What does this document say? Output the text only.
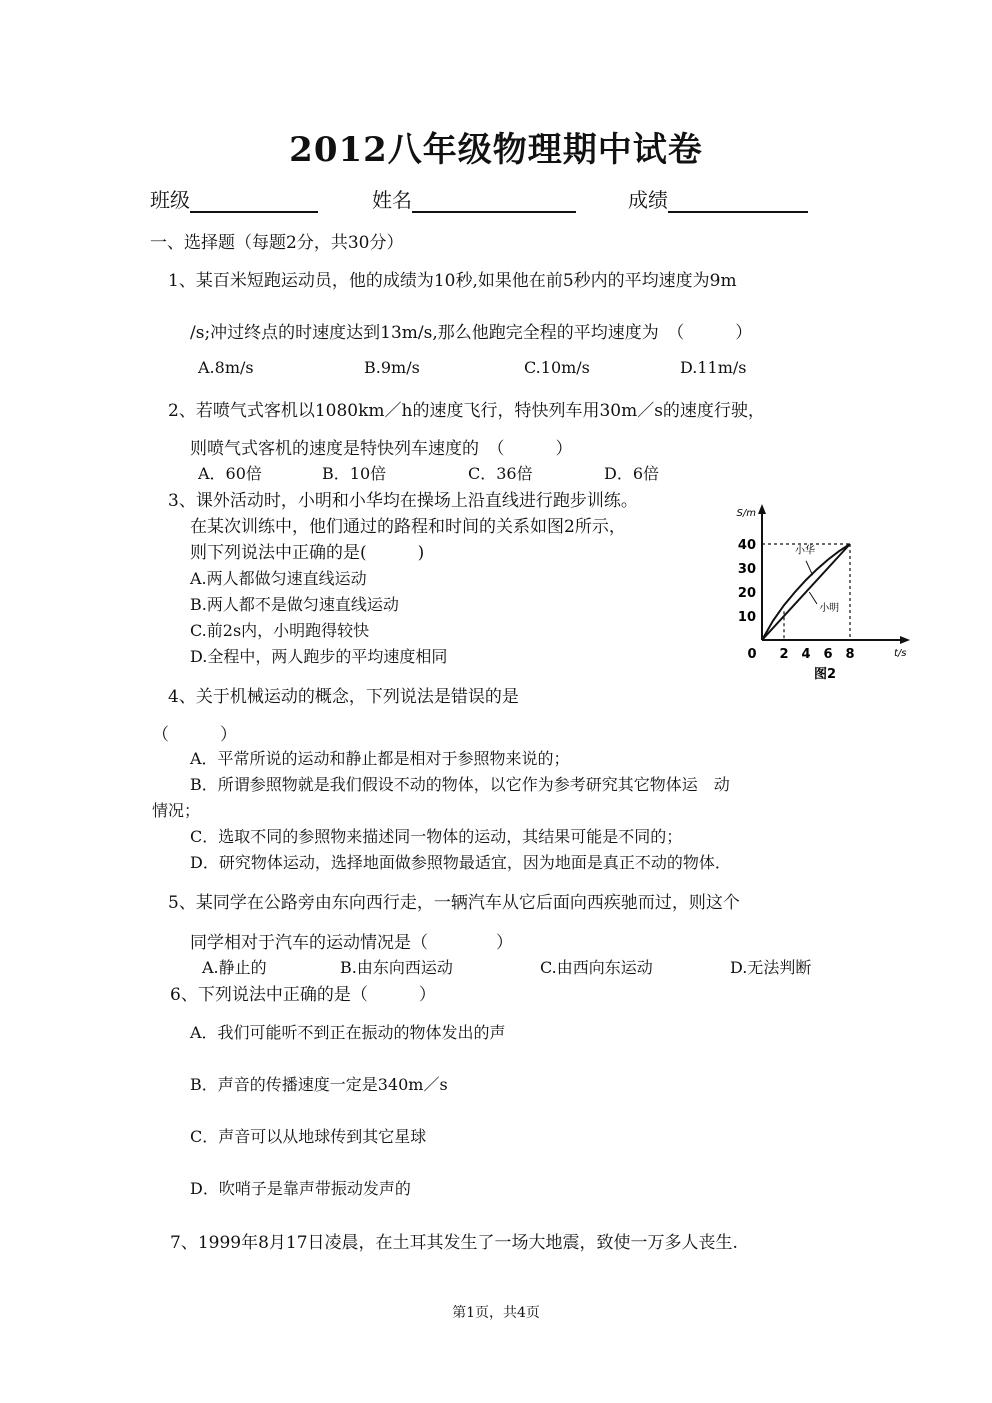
2012八年级物理期中试卷
班级	姓名	成绩
一、选择题（每题2分，共30分）
1、某百米短跑运动员，他的成绩为10秒,如果他在前5秒内的平均速度为9m
/s;冲过终点的时速度达到13m/s,那么他跑完全程的平均速度为　（　　　）
A.8m/s	B.9m/s	C.10m/s	D.11m/s
2、若喷气式客机以1080km／h的速度飞行，特快列车用30m／s的速度行驶，
则喷气式客机的速度是特快列车速度的　（　　　）
A．60倍	B．10倍	C．36倍	D．6倍
3、课外活动时，小明和小华均在操场上沿直线进行跑步训练。
在某次训练中，他们通过的路程和时间的关系如图2所示，
则下列说法中正确的是(　　　)
A.两人都做匀速直线运动
B.两人都不是做匀速直线运动
C.前2s内，小明跑得较快
D.全程中，两人跑步的平均速度相同
S/m
t/s
0
图2
2 4 6 8
10
20
30
40	小华
小明
4、关于机械运动的概念，下列说法是错误的是
（　　　）
A．平常所说的运动和静止都是相对于参照物来说的；
B．所谓参照物就是我们假设不动的物体，以它作为参考研究其它物体运　动
情况；
C．选取不同的参照物来描述同一物体的运动，其结果可能是不同的；
D．研究物体运动，选择地面做参照物最适宜，因为地面是真正不动的物体．
5、某同学在公路旁由东向西行走，一辆汽车从它后面向西疾驰而过，则这个
同学相对于汽车的运动情况是（　　　　）
A.静止的	B.由东向西运动	C.由西向东运动	D.无法判断
6、下列说法中正确的是（　　　）
A．我们可能听不到正在振动的物体发出的声
B．声音的传播速度一定是340m／s
C．声音可以从地球传到其它星球
D．吹哨子是靠声带振动发声的
7、1999年8月17日凌晨，在土耳其发生了一场大地震，致使一万多人丧生.
第1页，共4页
